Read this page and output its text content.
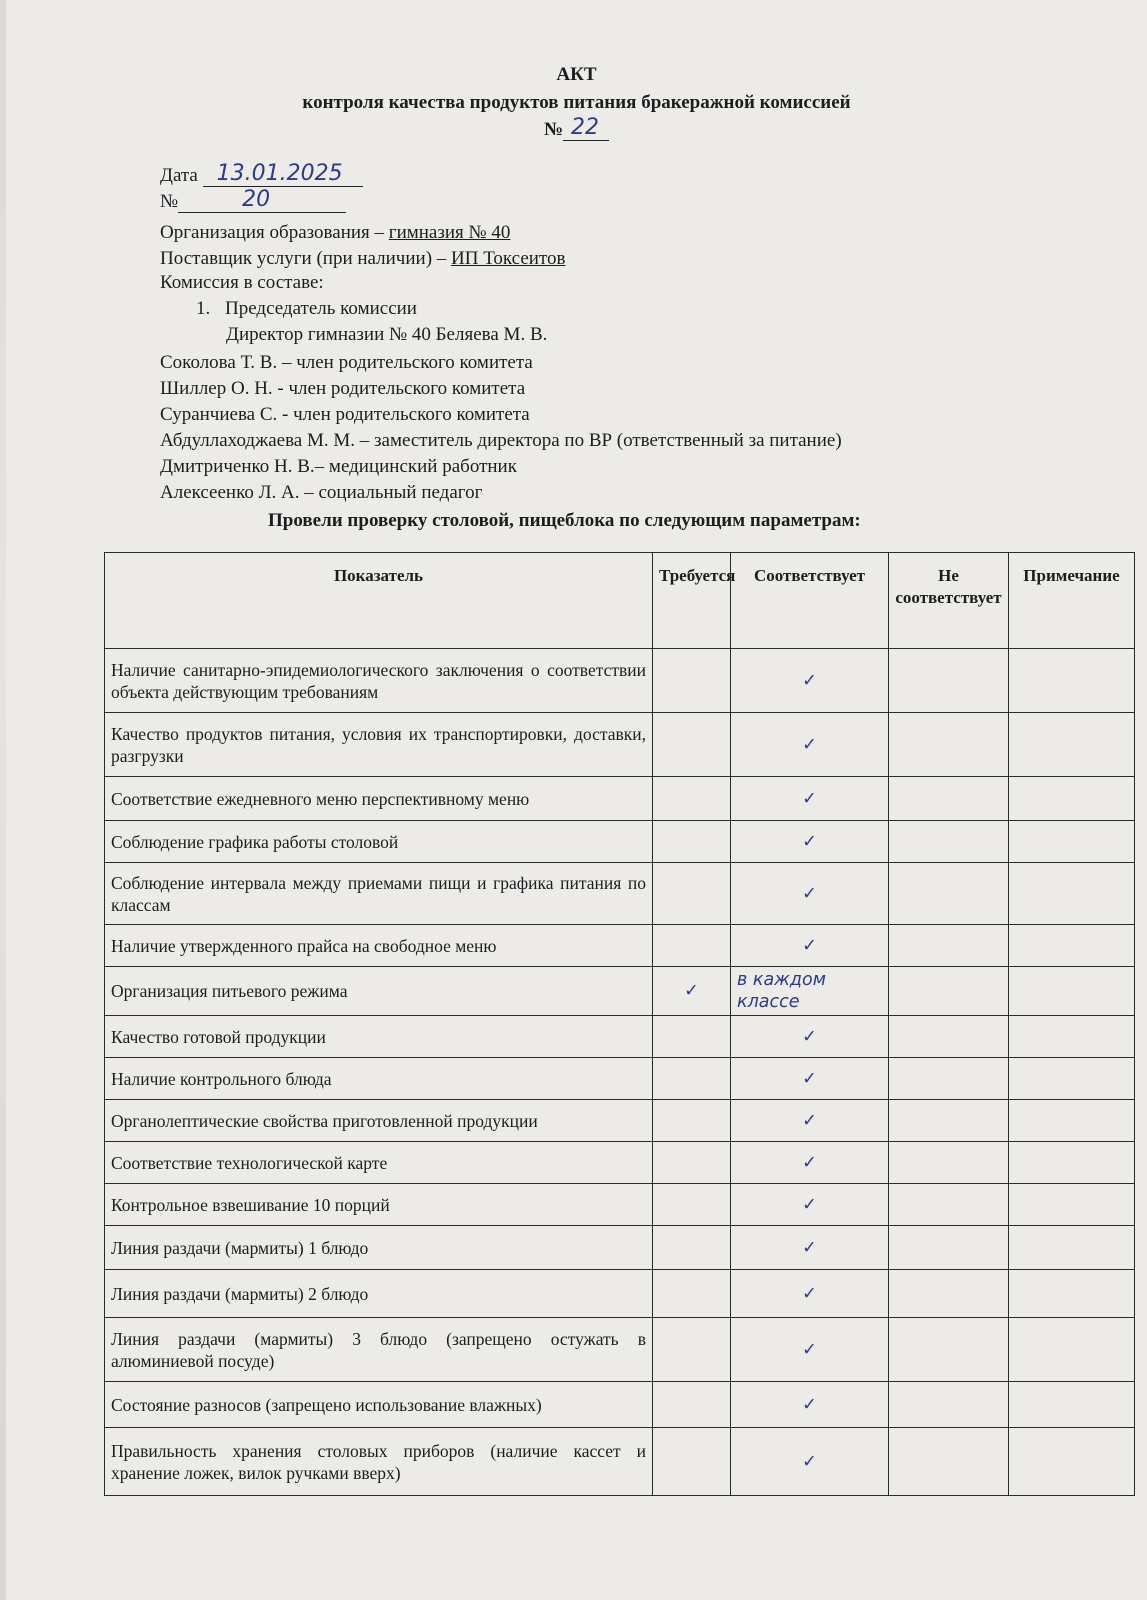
АКТ
контроля качества продуктов питания бракеражной комиссией
№ 22
Дата 13.01.2025
№	20
Организация образования – гимназия № 40
Поставщик услуги (при наличии) – ИП Токсеитов
Комиссия в составе:
1. Председатель комиссии
Директор гимназии № 40 Беляева М. В.
Соколова Т. В. – член родительского комитета
Шиллер О. Н. - член родительского комитета
Суранчиева С. - член родительского комитета
Абдуллаходжаева М. М. – заместитель директора по ВР (ответственный за питание)
Дмитриченко Н. В.– медицинский работник
Алексеенко Л. А. – социальный педагог
Провели проверку столовой, пищеблока по следующим параметрам:
Показатель	Требуется	Соответствует	Не соответствует	Примечание
Наличие санитарно-эпидемиологического заключения о соответствии объекта действующим требованиям		✓		
Качество продуктов питания, условия их транспортировки, доставки, разгрузки		✓		
Соответствие ежедневного меню перспективному меню		✓		
Соблюдение графика работы столовой		✓		
Соблюдение интервала между приемами пищи и графика питания по классам		✓		
Наличие утвержденного прайса на свободное меню		✓		
Организация питьевого режима	✓	в каждом классе		
Качество готовой продукции		✓		
Наличие контрольного блюда		✓		
Органолептические свойства приготовленной продукции		✓		
Соответствие технологической карте		✓		
Контрольное взвешивание 10 порций		✓		
Линия раздачи (мармиты) 1 блюдо		✓		
Линия раздачи (мармиты) 2 блюдо		✓		
Линия раздачи (мармиты) 3 блюдо (запрещено остужать в алюминиевой посуде)		✓		
Состояние разносов (запрещено использование влажных)		✓		
Правильность хранения столовых приборов (наличие кассет и хранение ложек, вилок ручками вверх)		✓		
